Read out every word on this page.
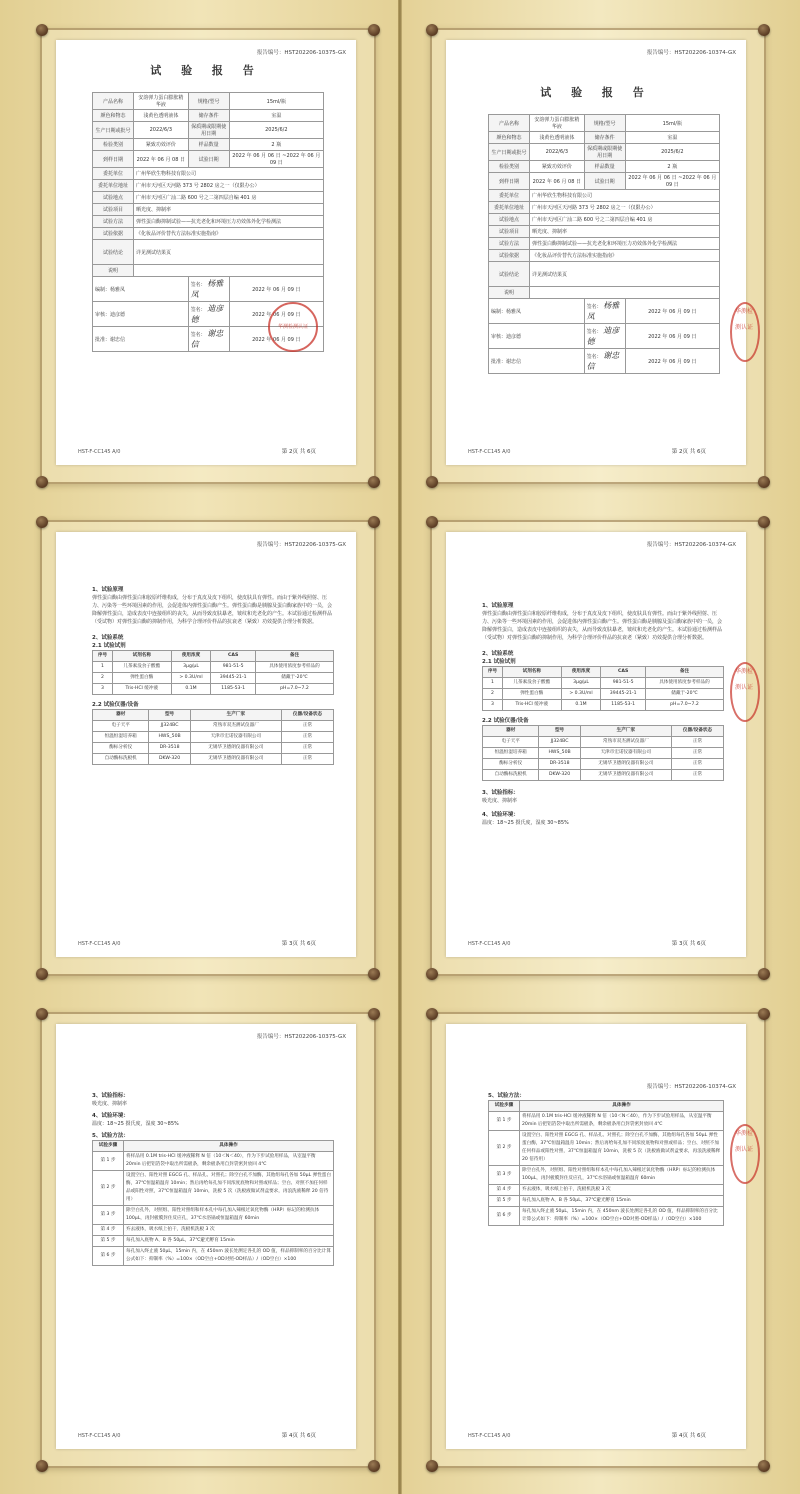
报告编号：HST202206-10375-GX
试 验 报 告
产品名称	安韵弹力蛋白膨胀精华液	规格/型号	15ml/瓶
颜色和物态	浅黄色透明液体	储存条件	室温
生产日期或批号	2022/6/3	保质期或限期使用日期	2025/6/2
检验类别	紧致功效评价	样品数量	2 瓶
到样日期	2022 年 06 月 08 日	试验日期	2022 年 06 月 06 日 ~2022 年 06 月 09 日
委托单位	广州华欣生物科技有限公司		
委托单位地址	广州市天河区天河路 373 号 2802 房之一（仅限办公）		
试验地点	广州市天河区广汕二路 600 号之二第四层自编 401 房		
试验项目	晒光度、抑制率		
试验方法	弹性蛋白酶抑制试验——抗光老化和环境压力功效体外化学检测法		
试验依据	《化妆品评价替代方法标准实施指南》		
试验结论	详见测试结果页		
说明			
编制：杨雅凤		签名： 杨雅凤	2022 年 06 月 09 日
审核：迪彦德		签名： 迪彦德	2022 年 06 月 09 日
批准：谢忠信		签名： 谢忠信	2022 年 06 月 09 日
华测检测认证
HST-F-CC145 A/0	第 2页 共 6页
报告编号：HST202206-10374-GX
试 验 报 告
产品名称	安韵弹力蛋白膨胀精华液	规格/型号	15ml/瓶
颜色和物态	浅黄色透明液体	储存条件	室温
生产日期或批号	2022/6/3	保质期或限期使用日期	2025/6/2
检验类别	紧致功效评价	样品数量	2 瓶
到样日期	2022 年 06 月 08 日	试验日期	2022 年 06 月 06 日 ~2022 年 06 月 09 日
委托单位	广州华欣生物科技有限公司		
委托单位地址	广州市天河区天河路 373 号 2802 房之一（仅限办公）		
试验地点	广州市天河区广汕二路 600 号之二第四层自编 401 房		
试验项目	晒光度、抑制率		
试验方法	弹性蛋白酶抑制试验——抗光老化和环境压力功效体外化学检测法		
试验依据	《化妆品评价替代方法标准实施指南》		
试验结论	详见测试结果页		
说明			
编制：杨雅凤		签名： 杨雅凤	2022 年 06 月 09 日
审核：迪彦德		签名： 迪彦德	2022 年 06 月 09 日
批准：谢忠信		签名： 谢忠信	2022 年 06 月 09 日
华测检测认证
HST-F-CC145 A/0	第 2页 共 6页
报告编号：HST202206-10375-GX
1、试验原理
弹性蛋白酶由弹性蛋白和胶原纤维构成，分布于真皮及皮下组织，使皮肤具有弹性。而由于紫外线照射、压力、污染等一些环境因素的作用，会促进体内弹性蛋白酶产生。弹性蛋白酶是胰腺及蛋白酶家族中的一员，会降解弹性蛋白，造成表皮中连接组织的丧失，从而导致皮肤暴老，皱纹和光老化的产生。本试验通过检测样品（受试物）对弹性蛋白酶的抑制作用，为科学合理评价样品的抗衰老（紧致）功效提供合理分析数据。
2、试验系统
2.1 试验试剂
序号	试剂名称	使用浓度	CAS	备注
1	儿茶素没食子酸酯	3μg/μL	981-51-5	具体使用浓度参考样品的
2	弹性蛋白酶	> 0.3U/ml	39445-21-1	储藏于-20℃
3	Tris-HCl 缓冲液	0.1M	1185-53-1	pH=7.0~7.2
2.2 试验仪器/设备
器材	型号	生产厂家	仪器/设备状态
电子天平	JJ324BC	常熟市双杰测试仪器厂	正常
恒温恒湿培养箱	HWS_50B	天津市宏诺仪器有限公司	正常
酶标分析仪	DR-3518	无锡华卫德朗仪器有限公司	正常
自动酶标洗板机	DKW-320	无锡华卫德朗仪器有限公司	正常
HST-F-CC145 A/0	第 3页 共 6页
报告编号：HST202206-10374-GX
1、试验原理
弹性蛋白酶由弹性蛋白和胶原纤维构成，分布于真皮及皮下组织，使皮肤具有弹性。而由于紫外线照射、压力、污染等一些环境因素的作用，会促进体内弹性蛋白酶产生。弹性蛋白酶是胰腺及蛋白酶家族中的一员，会降解弹性蛋白，造成表皮中连接组织的丧失，从而导致皮肤暴老，皱纹和光老化的产生。本试验通过检测样品（受试物）对弹性蛋白酶的抑制作用，为科学合理评价样品的抗衰老（紧致）功效提供合理分析数据。
2、试验系统
2.1 试验试剂
序号	试剂名称	使用浓度	CAS	备注
1	儿茶素没食子酸酯	3μg/μL	981-51-5	具体使用浓度参考样品的
2	弹性蛋白酶	> 0.3U/ml	39445-21-1	储藏于-20℃
3	Tris-HCl 缓冲液	0.1M	1185-53-1	pH=7.0~7.2
2.2 试验仪器/设备
器材	型号	生产厂家	仪器/设备状态
电子天平	JJ324BC	常熟市双杰测试仪器厂	正常
恒温恒湿培养箱	HWS_50B	天津市宏诺仪器有限公司	正常
酶标分析仪	DR-3518	无锡华卫德朗仪器有限公司	正常
自动酶标洗板机	DKW-320	无锡华卫德朗仪器有限公司	正常
3、试验指标：
吸光度、抑制率
4、试验环境：
温度：18~25 摄氏度，湿度 30~85%
华测检测认证
HST-F-CC145 A/0	第 3页 共 6页
报告编号：HST202206-10375-GX
3、试验指标：
吸光度、抑制率
4、试验环境：
温度：18~25 摄氏度，湿度 30~85%
5、试验方法：
试验步骤	具体操作
第 1 步	将样品用 0.1M tris-HCl 缓冲液稀释 N 倍（10＜N＜40），作为下步试验用样品，从室温平衡 20min 后把铝箔袋中取出所需板条，剩余板条用自封袋密封放回 4℃
第 2 步	设置空白、阳性对照 EGCG 孔、样品孔、对照孔；除空白孔不加酶，其他组每孔各加 50μL 弹性蛋白酶，37℃恒温箱温育 10min；然后再给每孔加不同浓度底物和对照或样品；空白、对照不加任何样品或阳性对照，37℃恒温箱温育 10min，洗板 5 次（洗板液做试剂盒要求，再浪洗液稀释 20 倍待用）
第 3 步	除空白孔外，对照组、阳性对照组和样本孔中每孔加入辣根过氧化物酶（HRP）标记的检测抗体 100μL，再封板膜封住反应孔，37℃水浴锅或恒温箱温育 60min
第 4 步	弃去液体，吸水纸上拍干，洗板机洗板 3 次
第 5 步	每孔加入底物 A、B 各 50μL，37℃避光孵育 15min
第 6 步	每孔加入终止液 50μL，15min 内，在 450nm 波长处测定各孔的 OD 值，样品抑制率的百分比计算公式如下：抑制率（%）=100×（OD空白+OD对照-OD样品）/（OD空白）×100
HST-F-CC145 A/0	第 4页 共 6页
报告编号：HST202206-10374-GX
5、试验方法：
试验步骤	具体操作
第 1 步	将样品用 0.1M tris-HCl 缓冲液稀释 N 倍（10＜N＜40），作为下步试验用样品，从室温平衡 20min 后把铝箔袋中取出所需板条，剩余板条用自封袋密封放回 4℃
第 2 步	设置空白、阳性对照 EGCG 孔、样品孔、对照孔；除空白孔不加酶，其他组每孔各加 50μL 弹性蛋白酶，37℃恒温箱温育 10min；然后再给每孔加不同浓度底物和对照或样品；空白、对照不加任何样品或阳性对照，37℃恒温箱温育 10min，洗板 5 次（洗板液做试剂盒要求，再浪洗液稀释 20 倍待用）
第 3 步	除空白孔外，对照组、阳性对照组和样本孔中每孔加入辣根过氧化物酶（HRP）标记的检测抗体 100μL，再封板膜封住反应孔，37℃水浴锅或恒温箱温育 60min
第 4 步	弃去液体，吸水纸上拍干，洗板机洗板 3 次
第 5 步	每孔加入底物 A、B 各 50μL，37℃避光孵育 15min
第 6 步	每孔加入终止液 50μL，15min 内，在 450nm 波长处测定各孔的 OD 值，样品抑制率的百分比计算公式如下：抑制率（%）=100×（OD空白+OD对照-OD样品）/（OD空白）×100
华测检测认证
HST-F-CC145 A/0	第 4页 共 6页
